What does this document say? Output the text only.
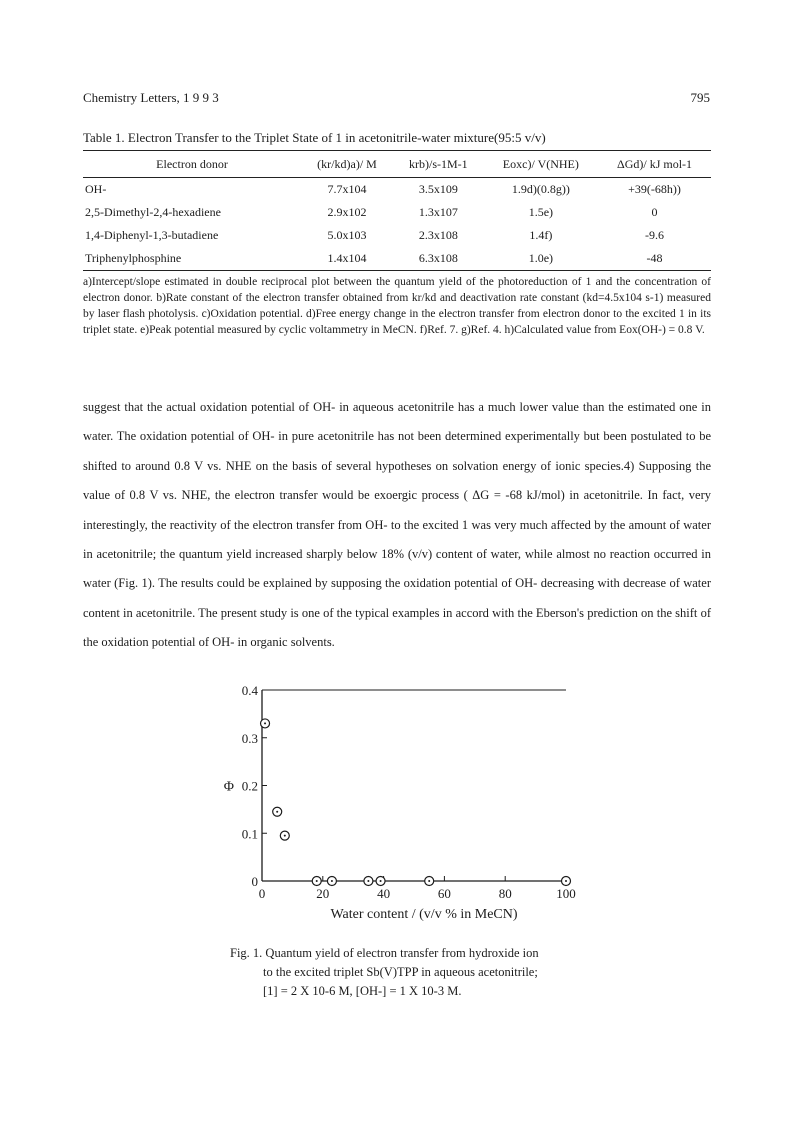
Chemistry Letters, 1 9 9 3	795
Table 1. Electron Transfer to the Triplet State of 1 in acetonitrile-water mixture(95:5 v/v)
Electron donor	(kr/kd)a)/ M	krb)/s-1M-1	Eoxc)/ V(NHE)	ΔGd)/ kJ mol-1
OH-	7.7x104	3.5x109	1.9d)(0.8g))	+39(-68h))
2,5-Dimethyl-2,4-hexadiene	2.9x102	1.3x107	1.5e)	0
1,4-Diphenyl-1,3-butadiene	5.0x103	2.3x108	1.4f)	-9.6
Triphenylphosphine	1.4x104	6.3x108	1.0e)	-48
a)Intercept/slope estimated in double reciprocal plot between the quantum yield of the photoreduction of 1 and the concentration of electron donor. b)Rate constant of the electron transfer obtained from kr/kd and deactivation rate constant (kd=4.5x104 s-1) measured by laser flash photolysis. c)Oxidation potential. d)Free energy change in the electron transfer from electron donor to the excited 1 in its triplet state. e)Peak potential measured by cyclic voltammetry in MeCN. f)Ref. 7. g)Ref. 4. h)Calculated value from Eox(OH-) = 0.8 V.

suggest that the actual oxidation potential of OH- in aqueous acetonitrile has a much lower value than the estimated one in water. The oxidation potential of OH- in pure acetonitrile has not been determined experimentally but been postulated to be shifted to around 0.8 V vs. NHE on the basis of several hypotheses on solvation energy of ionic species.4) Supposing the value of 0.8 V vs. NHE, the electron transfer would be exoergic process ( ΔG = -68 kJ/mol) in acetonitrile. In fact, very interestingly, the reactivity of the electron transfer from OH- to the excited 1 was very much affected by the amount of water in acetonitrile; the quantum yield increased sharply below 18% (v/v) content of water, while almost no reaction occurred in water (Fig. 1). The results could be explained by supposing the oxidation potential of OH- decreasing with decrease of water content in acetonitrile. The present study is one of the typical examples in accord with the Eberson's prediction on the shift of the oxidation potential of OH- in organic solvents.

0	20	40	60	80	100
0
0.1
0.2
0.3
0.4
Water content / (v/v % in MeCN)
Φ
Fig. 1. Quantum yield of electron transfer from hydroxide ion
to the excited triplet Sb(V)TPP in aqueous acetonitrile;
[1] = 2 X 10-6 M, [OH-] = 1 X 10-3 M.
